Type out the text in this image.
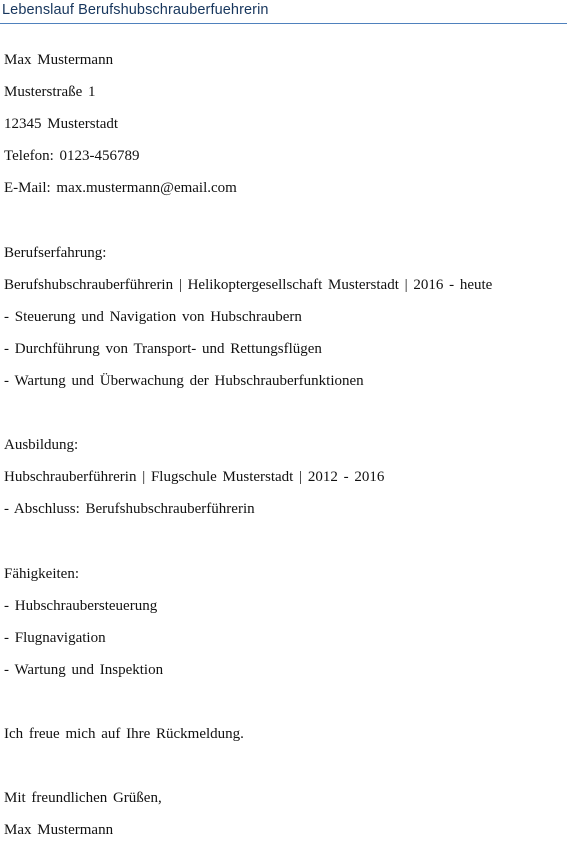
Lebenslauf Berufshubschrauberfuehrerin
Max Mustermann
Musterstraße 1
12345 Musterstadt
Telefon: 0123-456789
E-Mail: max.mustermann@email.com
Berufserfahrung:
Berufshubschrauberführerin | Helikoptergesellschaft Musterstadt | 2016 - heute
- Steuerung und Navigation von Hubschraubern
- Durchführung von Transport- und Rettungsflügen
- Wartung und Überwachung der Hubschrauberfunktionen
Ausbildung:
Hubschrauberführerin | Flugschule Musterstadt | 2012 - 2016
- Abschluss: Berufshubschrauberführerin
Fähigkeiten:
- Hubschraubersteuerung
- Flugnavigation
- Wartung und Inspektion
Ich freue mich auf Ihre Rückmeldung.
Mit freundlichen Grüßen,
Max Mustermann
